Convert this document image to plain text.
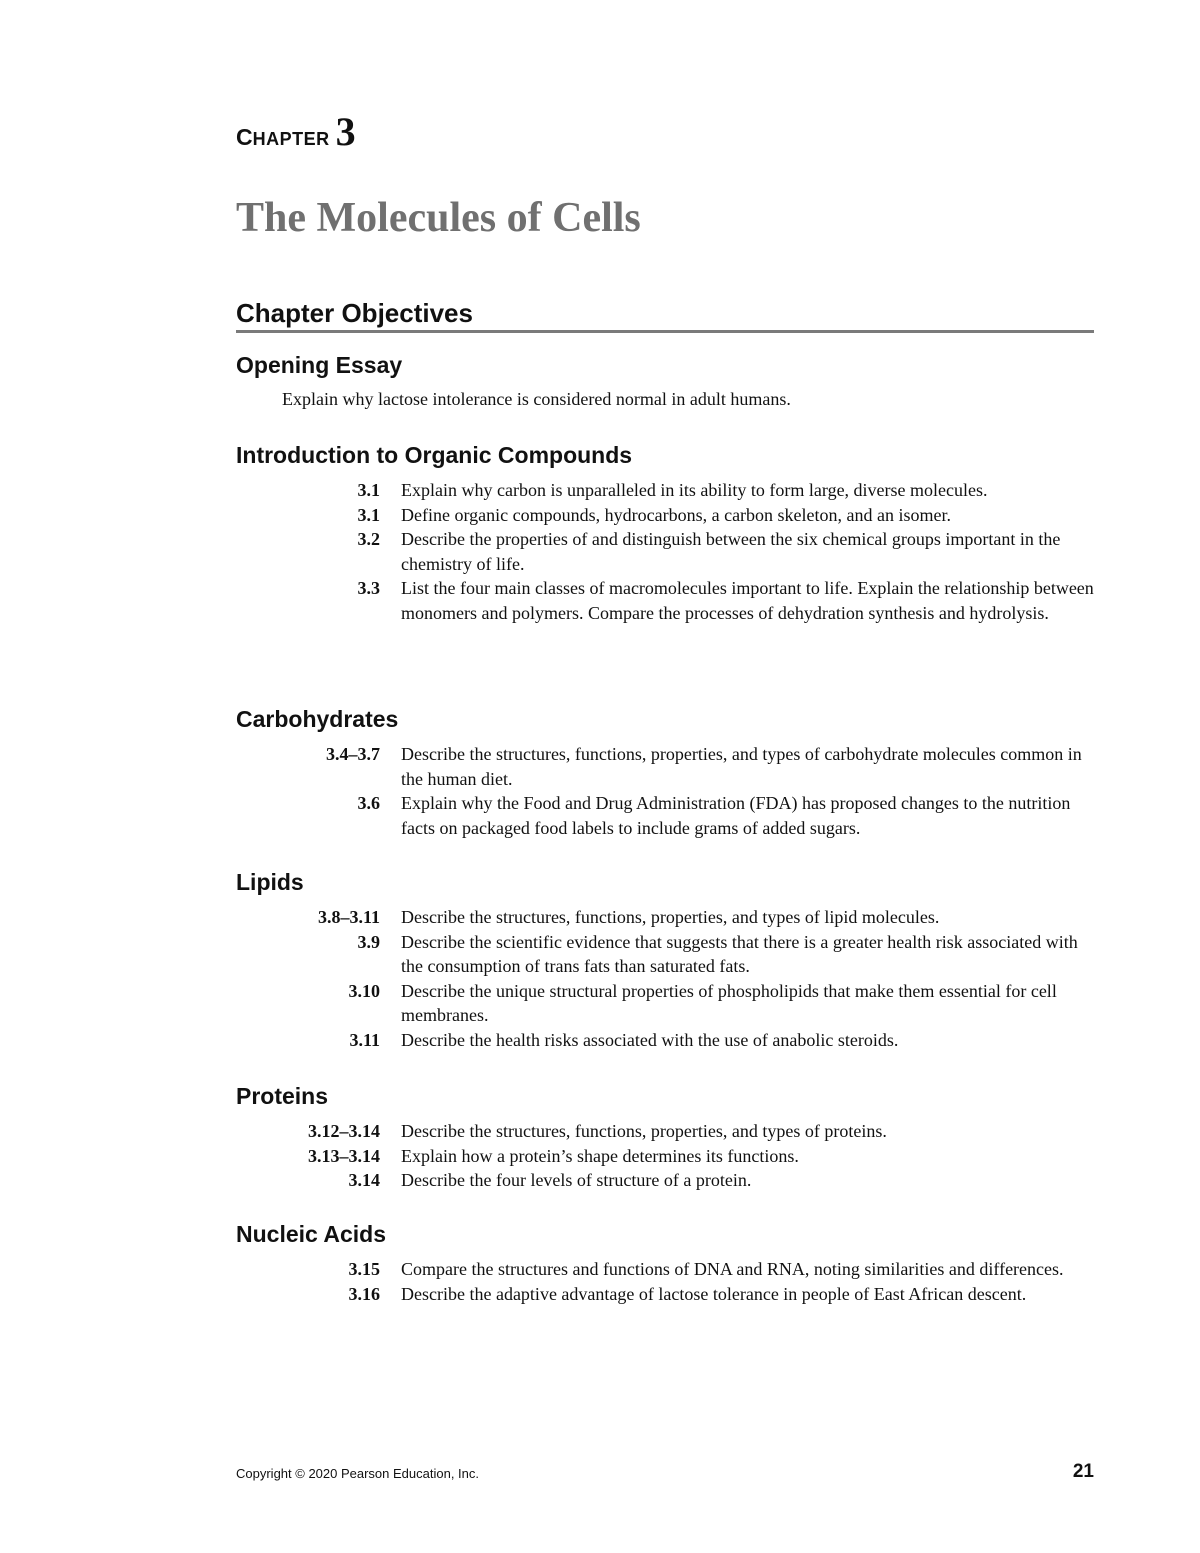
CHAPTER 3
The Molecules of Cells
Chapter Objectives
Opening Essay

Explain why lactose intolerance is considered normal in adult humans.

Introduction to Organic Compounds
3.1	Explain why carbon is unparalleled in its ability to form large, diverse molecules.
3.1	Define organic compounds, hydrocarbons, a carbon skeleton, and an isomer.
3.2	Describe the properties of and distinguish between the six chemical groups important in the chemistry of life.
3.3	List the four main classes of macromolecules important to life. Explain the relationship between monomers and polymers. Compare the processes of dehydration synthesis and hydrolysis.
Carbohydrates
3.4–3.7	Describe the structures, functions, properties, and types of carbohydrate molecules common in the human diet.
3.6	Explain why the Food and Drug Administration (FDA) has proposed changes to the nutrition facts on packaged food labels to include grams of added sugars.
Lipids
3.8–3.11	Describe the structures, functions, properties, and types of lipid molecules.
3.9	Describe the scientific evidence that suggests that there is a greater health risk associated with the consumption of trans fats than saturated fats.
3.10	Describe the unique structural properties of phospholipids that make them essential for cell membranes.
3.11	Describe the health risks associated with the use of anabolic steroids.
Proteins
3.12–3.14	Describe the structures, functions, properties, and types of proteins.
3.13–3.14	Explain how a protein’s shape determines its functions.
3.14	Describe the four levels of structure of a protein.
Nucleic Acids
3.15	Compare the structures and functions of DNA and RNA, noting similarities and differences.
3.16	Describe the adaptive advantage of lactose tolerance in people of East African descent.

Copyright © 2020 Pearson Education, Inc.	21
